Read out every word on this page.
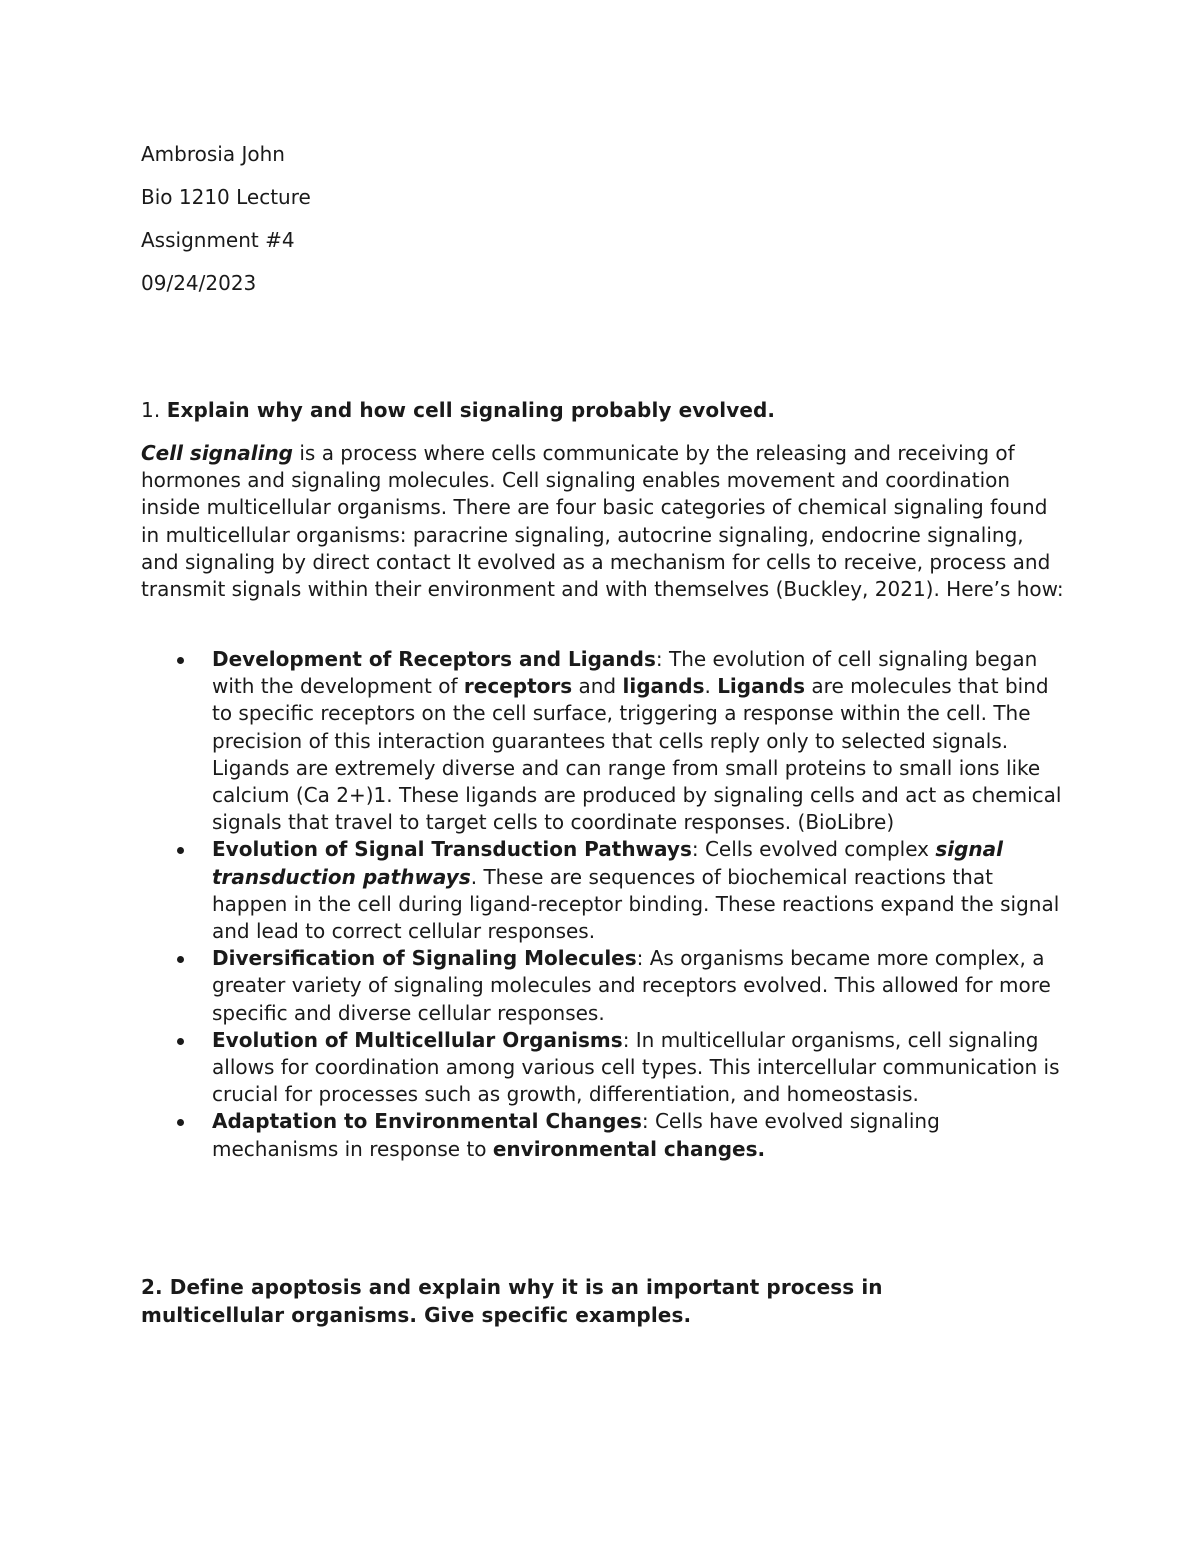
Ambrosia John

Bio 1210 Lecture

Assignment #4

09/24/2023

1. Explain why and how cell signaling probably evolved.

Cell signaling is a process where cells communicate by the releasing and receiving of hormones and signaling molecules. Cell signaling enables movement and coordination inside multicellular organisms. There are four basic categories of chemical signaling found in multicellular organisms: paracrine signaling, autocrine signaling, endocrine signaling, and signaling by direct contact It evolved as a mechanism for cells to receive, process and transmit signals within their environment and with themselves (Buckley, 2021). Here’s how:

Development of Receptors and Ligands: The evolution of cell signaling began with the development of receptors and ligands. Ligands are molecules that bind to specific receptors on the cell surface, triggering a response within the cell. The precision of this interaction guarantees that cells reply only to selected signals. Ligands are extremely diverse and can range from small proteins to small ions like calcium (Ca 2+)1. These ligands are produced by signaling cells and act as chemical signals that travel to target cells to coordinate responses. (BioLibre)
Evolution of Signal Transduction Pathways: Cells evolved complex signal transduction pathways. These are sequences of biochemical reactions that happen in the cell during ligand-receptor binding. These reactions expand the signal and lead to correct cellular responses.
Diversification of Signaling Molecules: As organisms became more complex, a greater variety of signaling molecules and receptors evolved. This allowed for more specific and diverse cellular responses.
Evolution of Multicellular Organisms: In multicellular organisms, cell signaling allows for coordination among various cell types. This intercellular communication is crucial for processes such as growth, differentiation, and homeostasis.
Adaptation to Environmental Changes: Cells have evolved signaling mechanisms in response to environmental changes.

2. Define apoptosis and explain why it is an important process in multicellular organisms. Give specific examples.
